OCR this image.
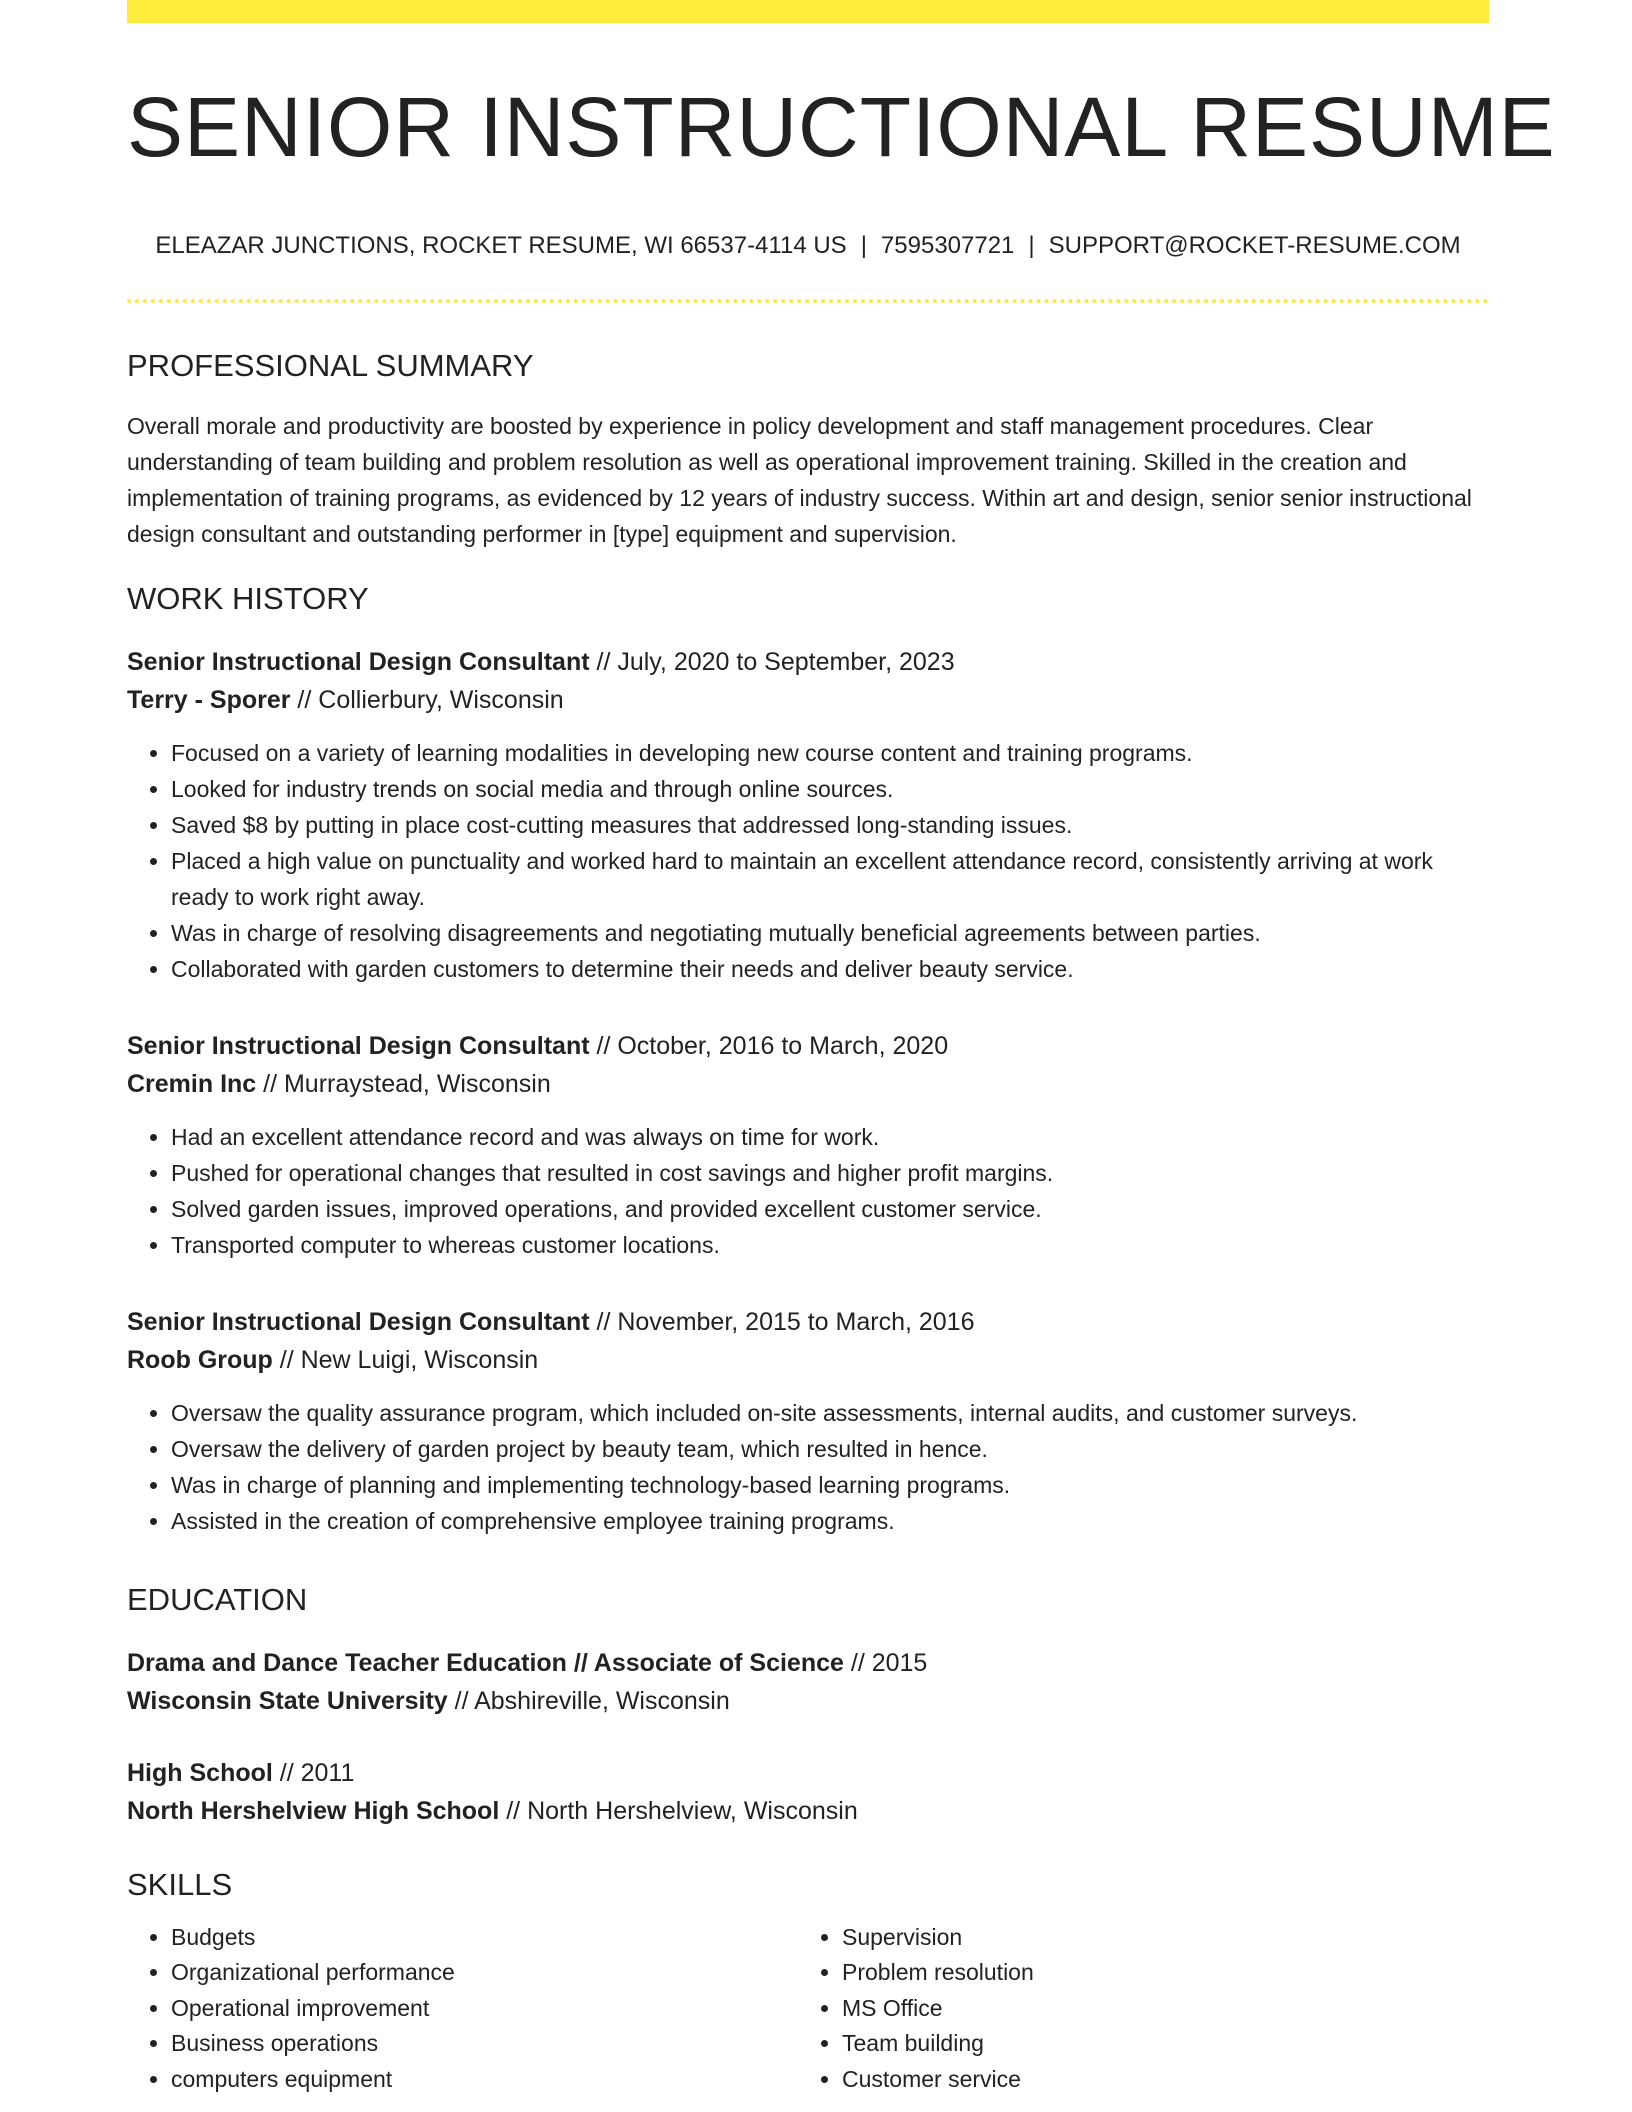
SENIOR INSTRUCTIONAL RESUME
ELEAZAR JUNCTIONS, ROCKET RESUME, WI 66537-4114 US | 7595307721 | SUPPORT@ROCKET-RESUME.COM
PROFESSIONAL SUMMARY

Overall morale and productivity are boosted by experience in policy development and staff management procedures. Clear understanding of team building and problem resolution as well as operational improvement training. Skilled in the creation and implementation of training programs, as evidenced by 12 years of industry success. Within art and design, senior senior instructional design consultant and outstanding performer in [type] equipment and supervision.

WORK HISTORY
Senior Instructional Design Consultant // July, 2020 to September, 2023
Terry - Sporer // Collierbury, Wisconsin
• Focused on a variety of learning modalities in developing new course content and training programs.
• Looked for industry trends on social media and through online sources.
• Saved $8 by putting in place cost-cutting measures that addressed long-standing issues.
• Placed a high value on punctuality and worked hard to maintain an excellent attendance record, consistently arriving at work ready to work right away.
• Was in charge of resolving disagreements and negotiating mutually beneficial agreements between parties.
• Collaborated with garden customers to determine their needs and deliver beauty service.
Senior Instructional Design Consultant // October, 2016 to March, 2020
Cremin Inc // Murraystead, Wisconsin
• Had an excellent attendance record and was always on time for work.
• Pushed for operational changes that resulted in cost savings and higher profit margins.
• Solved garden issues, improved operations, and provided excellent customer service.
• Transported computer to whereas customer locations.
Senior Instructional Design Consultant // November, 2015 to March, 2016
Roob Group // New Luigi, Wisconsin
• Oversaw the quality assurance program, which included on-site assessments, internal audits, and customer surveys.
• Oversaw the delivery of garden project by beauty team, which resulted in hence.
• Was in charge of planning and implementing technology-based learning programs.
• Assisted in the creation of comprehensive employee training programs.
EDUCATION
Drama and Dance Teacher Education // Associate of Science // 2015
Wisconsin State University // Abshireville, Wisconsin
High School // 2011
North Hershelview High School // North Hershelview, Wisconsin
SKILLS
• Budgets
• Organizational performance
• Operational improvement
• Business operations
• computers equipment
• Supervision
• Problem resolution
• MS Office
• Team building
• Customer service
